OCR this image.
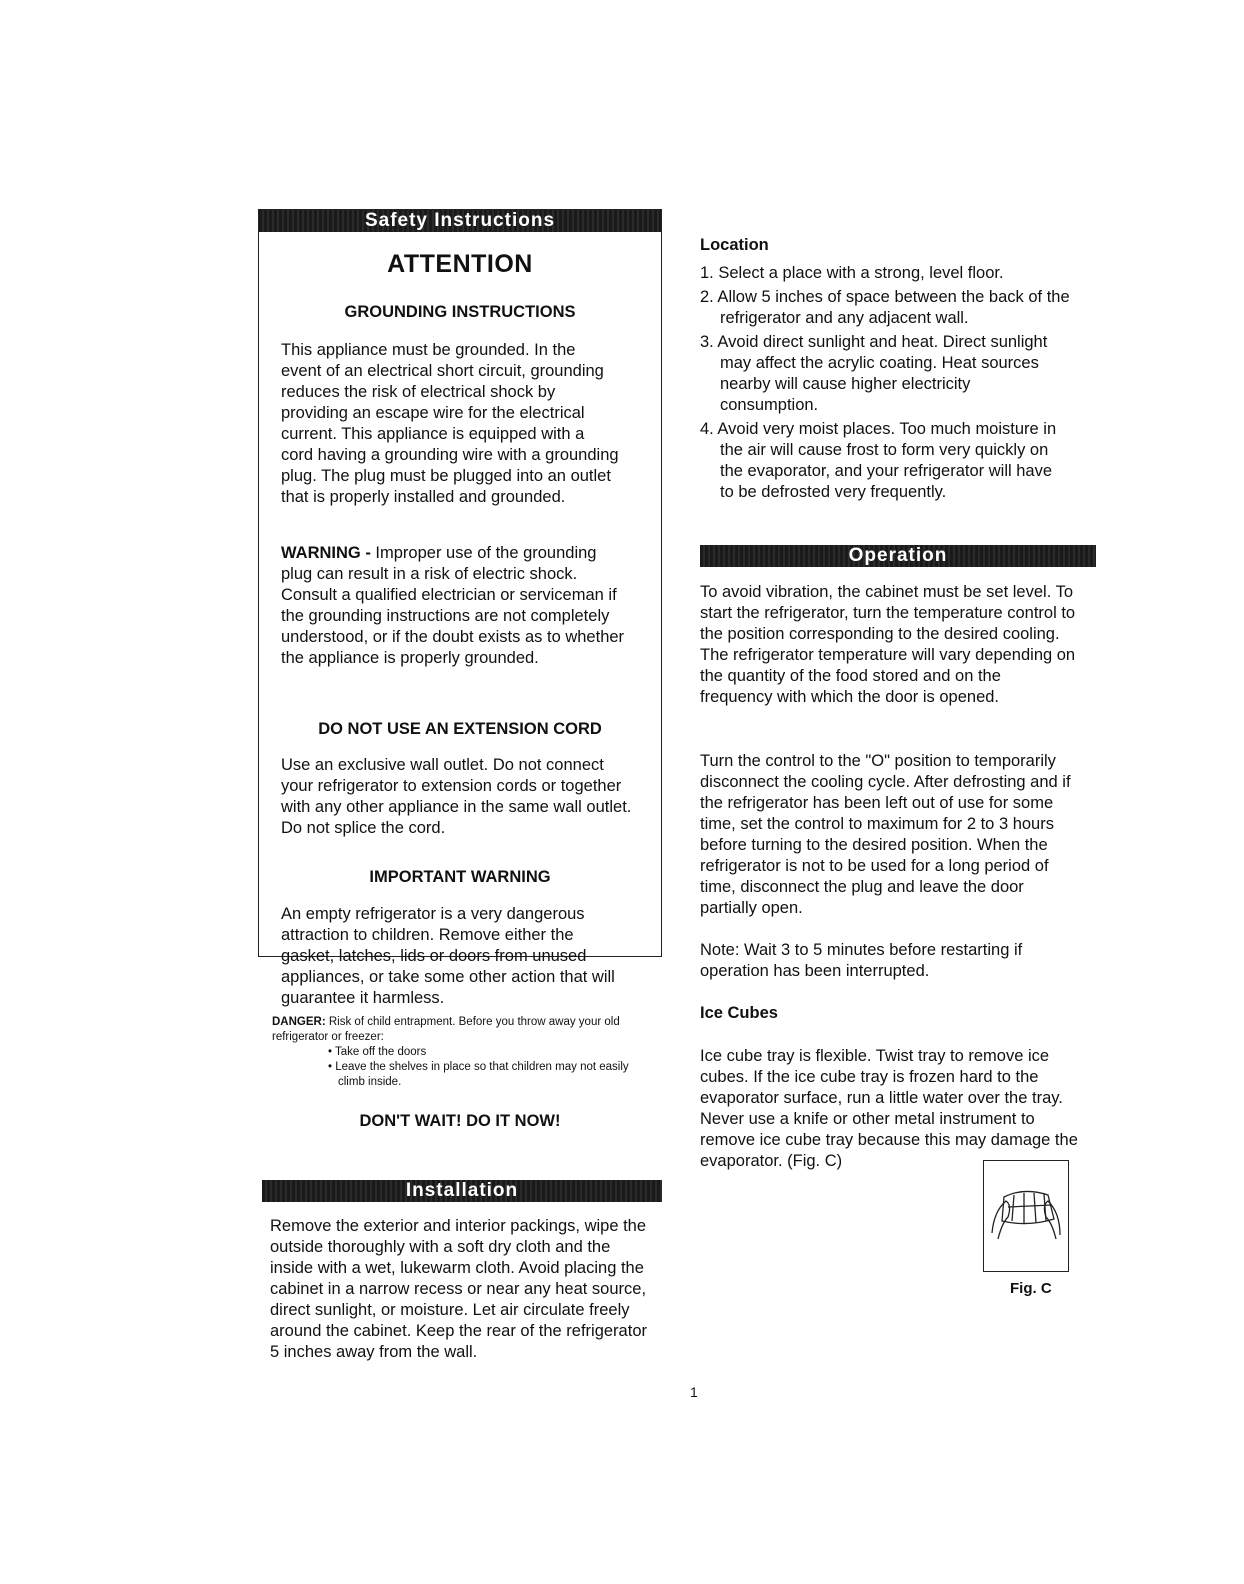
Safety Instructions
ATTENTION
GROUNDING INSTRUCTIONS
This appliance must be grounded. In the event of an electrical short circuit, grounding reduces the risk of electrical shock by providing an escape wire for the electrical current. This appliance is equipped with a cord having a grounding wire with a grounding plug. The plug must be plugged into an outlet that is properly installed and grounded.
WARNING - Improper use of the grounding plug can result in a risk of electric shock. Consult a qualified electrician or serviceman if the grounding instructions are not completely understood, or if the doubt exists as to whether the appliance is properly grounded.
DO NOT USE AN EXTENSION CORD
Use an exclusive wall outlet. Do not connect your refrigerator to extension cords or together with any other appliance in the same wall outlet. Do not splice the cord.
IMPORTANT WARNING
An empty refrigerator is a very dangerous attraction to children. Remove either the gasket, latches, lids or doors from unused appliances, or take some other action that will guarantee it harmless.
DANGER: Risk of child entrapment. Before you throw away your old refrigerator or freezer:
• Take off the doors
• Leave the shelves in place so that children may not easily climb inside.
DON'T WAIT! DO IT NOW!
Installation
Remove the exterior and interior packings, wipe the outside thoroughly with a soft dry cloth and the inside with a wet, lukewarm cloth. Avoid placing the cabinet in a narrow recess or near any heat source, direct sunlight, or moisture. Let air circulate freely around the cabinet. Keep the rear of the refrigerator 5 inches away from the wall.
Location
1. Select a place with a strong, level floor.
2. Allow 5 inches of space between the back of the refrigerator and any adjacent wall.
3. Avoid direct sunlight and heat. Direct sunlight may affect the acrylic coating. Heat sources nearby will cause higher electricity consumption.
4. Avoid very moist places. Too much moisture in the air will cause frost to form very quickly on the evaporator, and your refrigerator will have to be defrosted very frequently.
Operation
To avoid vibration, the cabinet must be set level. To start the refrigerator, turn the temperature control to the position corresponding to the desired cooling. The refrigerator temperature will vary depending on the quantity of the food stored and on the frequency with which the door is opened.
Turn the control to the "O" position to temporarily disconnect the cooling cycle. After defrosting and if the refrigerator has been left out of use for some time, set the control to maximum for 2 to 3 hours before turning to the desired position. When the refrigerator is not to be used for a long period of time, disconnect the plug and leave the door partially open.
Note: Wait 3 to 5 minutes before restarting if operation has been interrupted.
Ice Cubes
Ice cube tray is flexible. Twist tray to remove ice cubes. If the ice cube tray is frozen hard to the evaporator surface, run a little water over the tray. Never use a knife or other metal instrument to remove ice cube tray because this may damage the evaporator. (Fig. C)
Fig. C
1
